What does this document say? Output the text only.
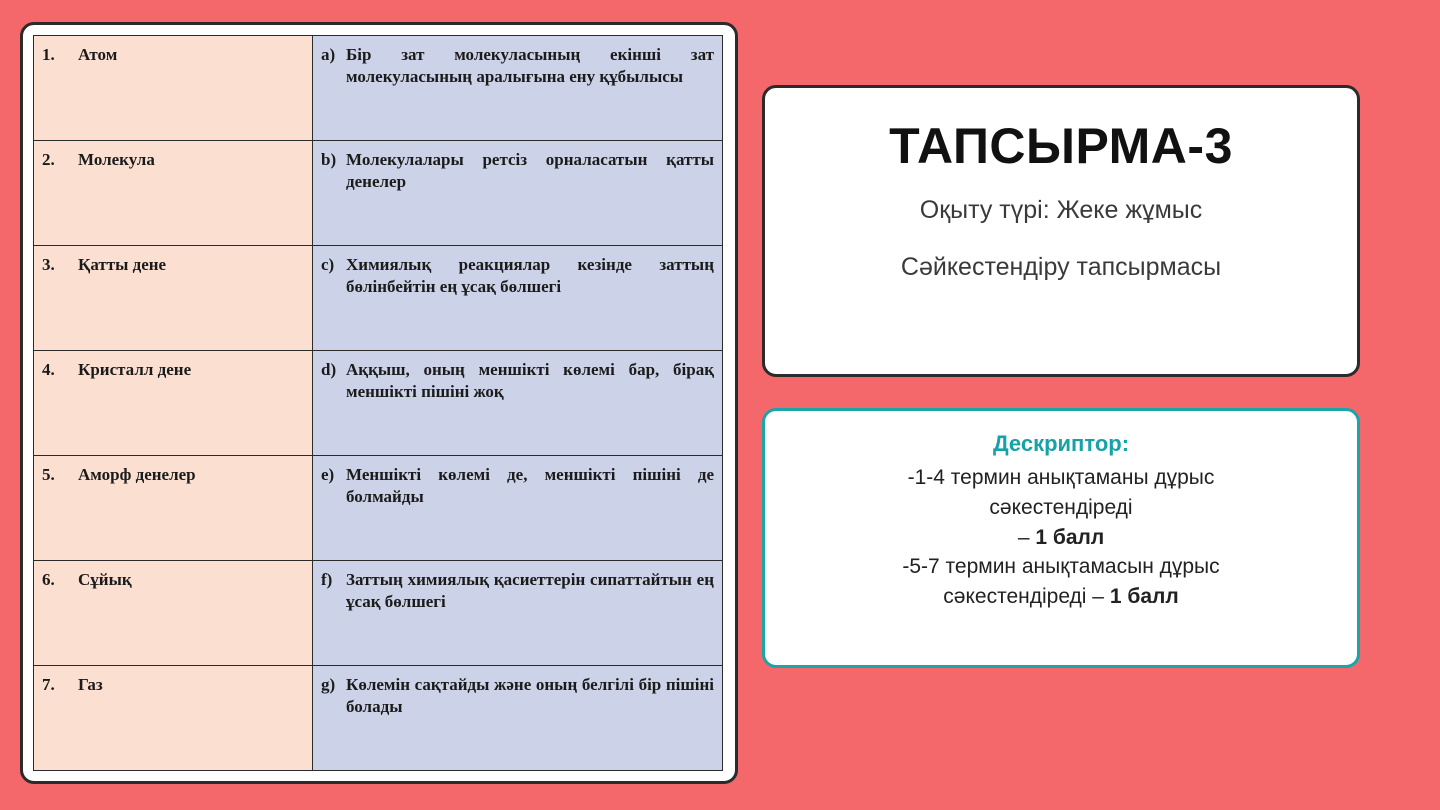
1. Атом	a) Бір зат молекуласының екінші зат молекуласының аралығына ену құбылысы

2. Молекула	b) Молекулалары ретсіз орналасатын қатты денелер

3. Қатты дене	c) Химиялық реакциялар кезінде заттың бөлінбейтін ең ұсақ бөлшегі

4. Кристалл дене	d) Аққыш, оның меншікті көлемі бар, бірақ меншікті пішіні жоқ

5. Аморф денелер	e) Меншікті көлемі де, меншікті пішіні де болмайды

6. Сұйық	f) Заттың химиялық қасиеттерін сипаттайтын ең ұсақ бөлшегі

7. Газ	g) Көлемін сақтайды және оның белгілі бір пішіні болады
ТАПСЫРМА-3
Оқыту түрі: Жеке жұмыс
Сәйкестендіру тапсырмасы
Дескриптор:

-1-4 термин анықтаманы дұрыс
сәкестендіреді
– 1 балл
-5-7 термин анықтамасын дұрыс
сәкестендіреді – 1 балл
